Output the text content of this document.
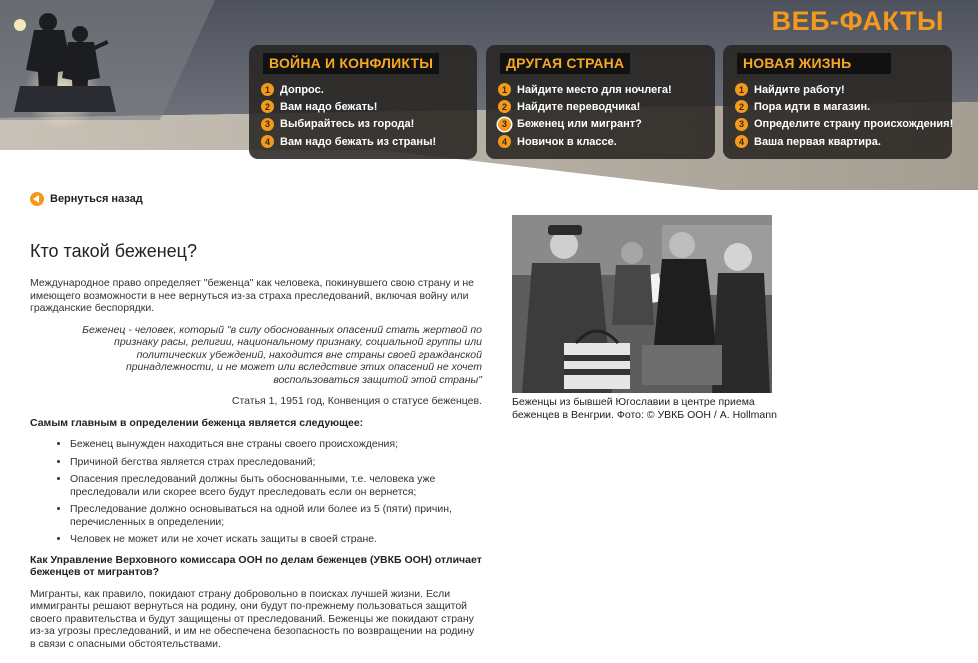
ВЕБ-ФАКТЫ
ВОЙНА И КОНФЛИКТЫ
1 Допрос.
2 Вам надо бежать!
3 Выбирайтесь из города!
4 Вам надо бежать из страны!
ДРУГАЯ СТРАНА
1 Найдите место для ночлега!
2 Найдите переводчика!
3 Беженец или мигрант?
4 Новичок в классе.
НОВАЯ ЖИЗНЬ
1 Найдите работу!
2 Пора идти в магазин.
3 Определите страну происхождения!
4 Ваша первая квартира.
Вернуться назад
Кто такой беженец?

Международное право определяет "беженца" как человека, покинувшего свою страну и не имеющего возможности в нее вернуться из-за страха преследований, включая войну или гражданские беспорядки.

Беженец - человек, который "в силу обоснованных опасений стать жертвой по признаку расы, религии, национальному признаку, социальной группы или политических убеждений, находится вне страны своей гражданской принадлежности, и не может или вследствие этих опасений не хочет воспользоваться защитой этой страны"

Статья 1, 1951 год, Конвенция о статусе беженцев.

Самым главным в определении беженца является следующее:
• Беженец вынужден находиться вне страны своего происхождения;
• Причиной бегства является страх преследований;
• Опасения преследований должны быть обоснованными, т.е. человека уже преследовали или скорее всего будут преследовать если он вернется;
• Преследование должно основываться на одной или более из 5 (пяти) причин, перечисленных в определении;
• Человек не может или не хочет искать защиты в своей стране.
Как Управление Верховного комиссара ООН по делам беженцев (УВКБ ООН) отличает беженцев от мигрантов?

Мигранты, как правило, покидают страну добровольно в поисках лучшей жизни. Если иммигранты решают вернуться на родину, они будут по-прежнему пользоваться защитой своего правительства и будут защищены от преследований. Беженцы же покидают страну из-за угрозы преследований, и им не обеспечена безопасность по возвращении на родину в связи с опасными обстоятельствами.

Беженцы из бывшей Югославии в центре приема беженцев в Венгрии. Фото: © УВКБ ООН / А. Hollmann
